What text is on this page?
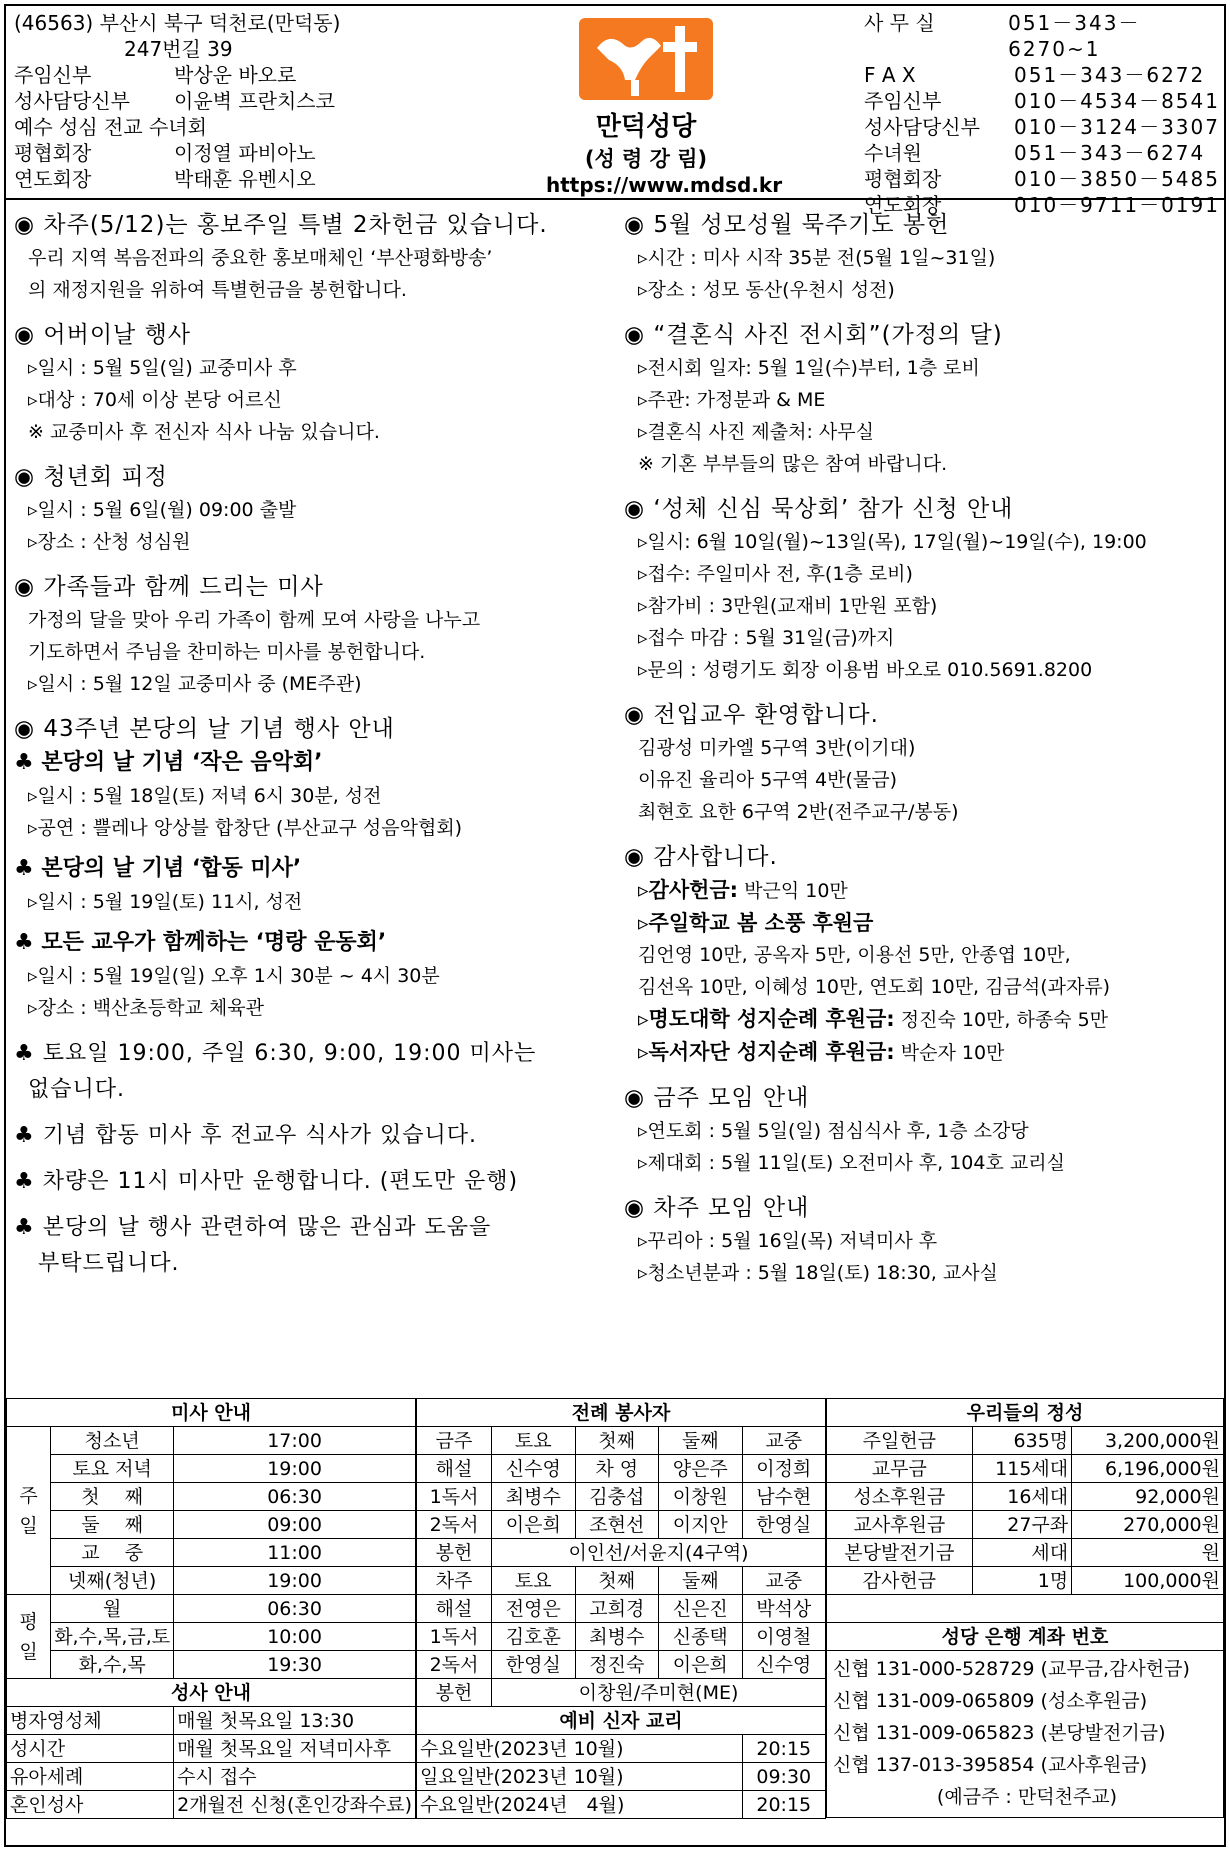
(46563) 부산시 북구 덕천로(만덕동)
247번길 39
주임신부	박상운 바오로
성사담당신부	이윤벽 프란치스코
예수 성심 전교 수녀회
평협회장	이정열 파비아노
연도회장	박태훈 유벤시오
만덕성당
(성 령 강 림)
https://www.mdsd.kr
사 무 실	051－343－6270~1
F A X	051－343－6272
주임신부	010－4534－8541
성사담당신부	010－3124－3307
수녀원	051－343－6274
평협회장	010－3850－5485
연도회장	010－9711－0191
◉ 차주(5/12)는 홍보주일 특별 2차헌금 있습니다.
우리 지역 복음전파의 중요한 홍보매체인 ‘부산평화방송’
의 재정지원을 위하여 특별헌금을 봉헌합니다.
◉ 어버이날 행사
▹일시 : 5월 5일(일) 교중미사 후
▹대상 : 70세 이상 본당 어르신
※ 교중미사 후 전신자 식사 나눔 있습니다.
◉ 청년회 피정
▹일시 : 5월 6일(월) 09:00 출발
▹장소 : 산청 성심원
◉ 가족들과 함께 드리는 미사
가정의 달을 맞아 우리 가족이 함께 모여 사랑을 나누고
기도하면서 주님을 찬미하는 미사를 봉헌합니다.
▹일시 : 5월 12일 교중미사 중 (ME주관)
◉ 43주년 본당의 날 기념 행사 안내
♣ 본당의 날 기념 ‘작은 음악회’
▹일시 : 5월 18일(토) 저녁 6시 30분, 성전
▹공연 : 쁠레나 앙상블 합창단 (부산교구 성음악협회)
♣ 본당의 날 기념 ‘합동 미사’
▹일시 : 5월 19일(토) 11시, 성전
♣ 모든 교우가 함께하는 ‘명랑 운동회’
▹일시 : 5월 19일(일) 오후 1시 30분 ~ 4시 30분
▹장소 : 백산초등학교 체육관
♣ 토요일 19:00, 주일 6:30, 9:00, 19:00 미사는
없습니다.
♣ 기념 합동 미사 후 전교우 식사가 있습니다.
♣ 차량은 11시 미사만 운행합니다. (편도만 운행)
♣ 본당의 날 행사 관련하여 많은 관심과 도움을
부탁드립니다.
◉ 5월 성모성월 묵주기도 봉헌
▹시간 : 미사 시작 35분 전(5월 1일~31일)
▹장소 : 성모 동산(우천시 성전)
◉ “결혼식 사진 전시회”(가정의 달)
▹전시회 일자: 5월 1일(수)부터, 1층 로비
▹주관: 가정분과 & ME
▹결혼식 사진 제출처: 사무실
※ 기혼 부부들의 많은 참여 바랍니다.
◉ ‘성체 신심 묵상회’ 참가 신청 안내
▹일시: 6월 10일(월)~13일(목), 17일(월)~19일(수), 19:00
▹접수: 주일미사 전, 후(1층 로비)
▹참가비 : 3만원(교재비 1만원 포함)
▹접수 마감 : 5월 31일(금)까지
▹문의 : 성령기도 회장 이용범 바오로 010.5691.8200
◉ 전입교우 환영합니다.
김광성 미카엘 5구역 3반(이기대)
이유진 율리아 5구역 4반(물금)
최현호 요한 6구역 2반(전주교구/봉동)
◉ 감사합니다.
▹감사헌금: 박근익 10만
▹주일학교 봄 소풍 후원금
김언영 10만, 공옥자 5만, 이용선 5만, 안종엽 10만,
김선옥 10만, 이혜성 10만, 연도회 10만, 김금석(과자류)
▹명도대학 성지순례 후원금: 정진숙 10만, 하종숙 5만
▹독서자단 성지순례 후원금: 박순자 10만
◉ 금주 모임 안내
▹연도회 : 5월 5일(일) 점심식사 후, 1층 소강당
▹제대회 : 5월 11일(토) 오전미사 후, 104호 교리실
◉ 차주 모임 안내
▹꾸리아 : 5월 16일(목) 저녁미사 후
▹청소년분과 : 5월 18일(토) 18:30, 교사실
미사 안내		
주
일	청소년	17:00
	토요 저녁	19:00
	첫　 째	06:30
	둘　 째	09:00
	교　 중	11:00
	넷째(청년)	19:00
평
일	월	06:30
	화,수,목,금,토	10:00
	화,수,목	19:30
성사 안내		
병자영성체		매월 첫목요일 13:30
성시간		매월 첫목요일 저녁미사후
유아세례		수시 접수
혼인성사		2개월전 신청(혼인강좌수료)
전례 봉사자				
금주	토요	첫째	둘째	교중
해설	신수영	차 영	양은주	이정희
1독서	최병수	김충섭	이창원	남수현
2독서	이은희	조현선	이지안	한영실
봉헌	이인선/서윤지(4구역)			
차주	토요	첫째	둘째	교중
해설	전영은	고희경	신은진	박석상
1독서	김호훈	최병수	신종택	이영철
2독서	한영실	정진숙	이은희	신수영
봉헌	이창원/주미현(ME)			
예비 신자 교리				
수요일반(2023년 10월)				20:15
일요일반(2023년 10월)				09:30
수요일반(2024년　4월)				20:15
우리들의 정성		
주일헌금	635명	3,200,000원
교무금	115세대	6,196,000원
성소후원금	16세대	92,000원
교사후원금	27구좌	270,000원
본당발전기금	세대	원
감사헌금	1명	100,000원

성당 은행 계좌 번호		

신협 131-000-528729 (교무금,감사헌금)
신협 131-009-065809 (성소후원금)
신협 131-009-065823 (본당발전기금)
신협 137-013-395854 (교사후원금)
(예금주 : 만덕천주교)		
